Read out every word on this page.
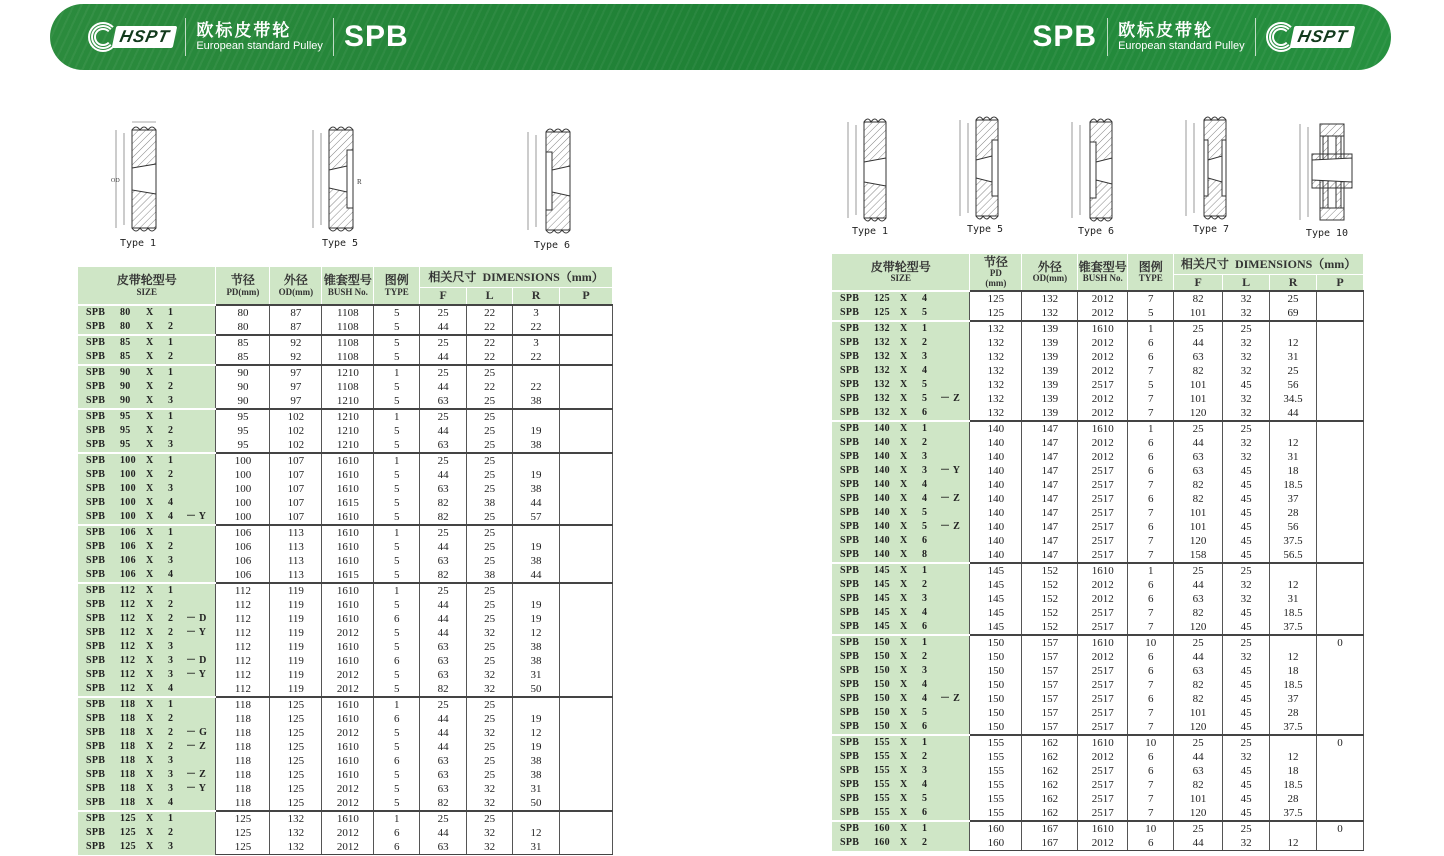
HSPT	欧标皮带轮
European standard Pulley SPB	SPB 欧标皮带轮
European standard Pulley
HSPT
OD
Type 1
R
Type 5	Type 6
Type 1	Type 5	Type 6	Type 7	Type 10
皮带轮型号
SIZE	节径
PD(mm)	外径
OD(mm)	锥套型号
BUSH No.	图例
TYPE	相关尺寸 DIMENSIONS（mm）			
					F	L	R	P
SPB 80 X 1	80	87	1108	5	25	22	3	
SPB 80 X 2	80	87	1108	5	44	22	22	
SPB 85 X 1	85	92	1108	5	25	22	3	
SPB 85 X 2	85	92	1108	5	44	22	22	
SPB 90 X 1	90	97	1210	1	25	25		
SPB 90 X 2	90	97	1108	5	44	22	22	
SPB 90 X 3	90	97	1210	5	63	25	38	
SPB 95 X 1	95	102	1210	1	25	25		
SPB 95 X 2	95	102	1210	5	44	25	19	
SPB 95 X 3	95	102	1210	5	63	25	38	
SPB 100 X 1	100	107	1610	1	25	25		
SPB 100 X 2	100	107	1610	5	44	25	19	
SPB 100 X 3	100	107	1610	5	63	25	38	
SPB 100 X 4	100	107	1615	5	82	38	44	
SPB 100 X 4 － Y	100	107	1610	5	82	25	57	
SPB 106 X 1	106	113	1610	1	25	25		
SPB 106 X 2	106	113	1610	5	44	25	19	
SPB 106 X 3	106	113	1610	5	63	25	38	
SPB 106 X 4	106	113	1615	5	82	38	44	
SPB 112 X 1	112	119	1610	1	25	25		
SPB 112 X 2	112	119	1610	5	44	25	19	
SPB 112 X 2 － D	112	119	1610	6	44	25	19	
SPB 112 X 2 － Y	112	119	2012	5	44	32	12	
SPB 112 X 3	112	119	1610	5	63	25	38	
SPB 112 X 3 － D	112	119	1610	6	63	25	38	
SPB 112 X 3 － Y	112	119	2012	5	63	32	31	
SPB 112 X 4	112	119	2012	5	82	32	50	
SPB 118 X 1	118	125	1610	1	25	25		
SPB 118 X 2	118	125	1610	6	44	25	19	
SPB 118 X 2 － G	118	125	2012	5	44	32	12	
SPB 118 X 2 － Z	118	125	1610	5	44	25	19	
SPB 118 X 3	118	125	1610	6	63	25	38	
SPB 118 X 3 － Z	118	125	1610	5	63	25	38	
SPB 118 X 3 － Y	118	125	2012	5	63	32	31	
SPB 118 X 4	118	125	2012	5	82	32	50	
SPB 125 X 1	125	132	1610	1	25	25		
SPB 125 X 2	125	132	2012	6	44	32	12	
SPB 125 X 3	125	132	2012	6	63	32	31	
皮带轮型号
SIZE	节径
PD
(mm)	外径
OD(mm)	锥套型号
BUSH No.	图例
TYPE	相关尺寸 DIMENSIONS（mm）			
					F	L	R	P
SPB 125 X 4	125	132	2012	7	82	32	25	
SPB 125 X 5	125	132	2012	5	101	32	69	
SPB 132 X 1	132	139	1610	1	25	25		
SPB 132 X 2	132	139	2012	6	44	32	12	
SPB 132 X 3	132	139	2012	6	63	32	31	
SPB 132 X 4	132	139	2012	7	82	32	25	
SPB 132 X 5	132	139	2517	5	101	45	56	
SPB 132 X 5 － Z	132	139	2012	7	101	32	34.5	
SPB 132 X 6	132	139	2012	7	120	32	44	
SPB 140 X 1	140	147	1610	1	25	25		
SPB 140 X 2	140	147	2012	6	44	32	12	
SPB 140 X 3	140	147	2012	6	63	32	31	
SPB 140 X 3 － Y	140	147	2517	6	63	45	18	
SPB 140 X 4	140	147	2517	7	82	45	18.5	
SPB 140 X 4 － Z	140	147	2517	6	82	45	37	
SPB 140 X 5	140	147	2517	7	101	45	28	
SPB 140 X 5 － Z	140	147	2517	6	101	45	56	
SPB 140 X 6	140	147	2517	7	120	45	37.5	
SPB 140 X 8	140	147	2517	7	158	45	56.5	
SPB 145 X 1	145	152	1610	1	25	25		
SPB 145 X 2	145	152	2012	6	44	32	12	
SPB 145 X 3	145	152	2012	6	63	32	31	
SPB 145 X 4	145	152	2517	7	82	45	18.5	
SPB 145 X 6	145	152	2517	7	120	45	37.5	
SPB 150 X 1	150	157	1610	10	25	25		0
SPB 150 X 2	150	157	2012	6	44	32	12	
SPB 150 X 3	150	157	2517	6	63	45	18	
SPB 150 X 4	150	157	2517	7	82	45	18.5	
SPB 150 X 4 － Z	150	157	2517	6	82	45	37	
SPB 150 X 5	150	157	2517	7	101	45	28	
SPB 150 X 6	150	157	2517	7	120	45	37.5	
SPB 155 X 1	155	162	1610	10	25	25		0
SPB 155 X 2	155	162	2012	6	44	32	12	
SPB 155 X 3	155	162	2517	6	63	45	18	
SPB 155 X 4	155	162	2517	7	82	45	18.5	
SPB 155 X 5	155	162	2517	7	101	45	28	
SPB 155 X 6	155	162	2517	7	120	45	37.5	
SPB 160 X 1	160	167	1610	10	25	25		0
SPB 160 X 2	160	167	2012	6	44	32	12	
